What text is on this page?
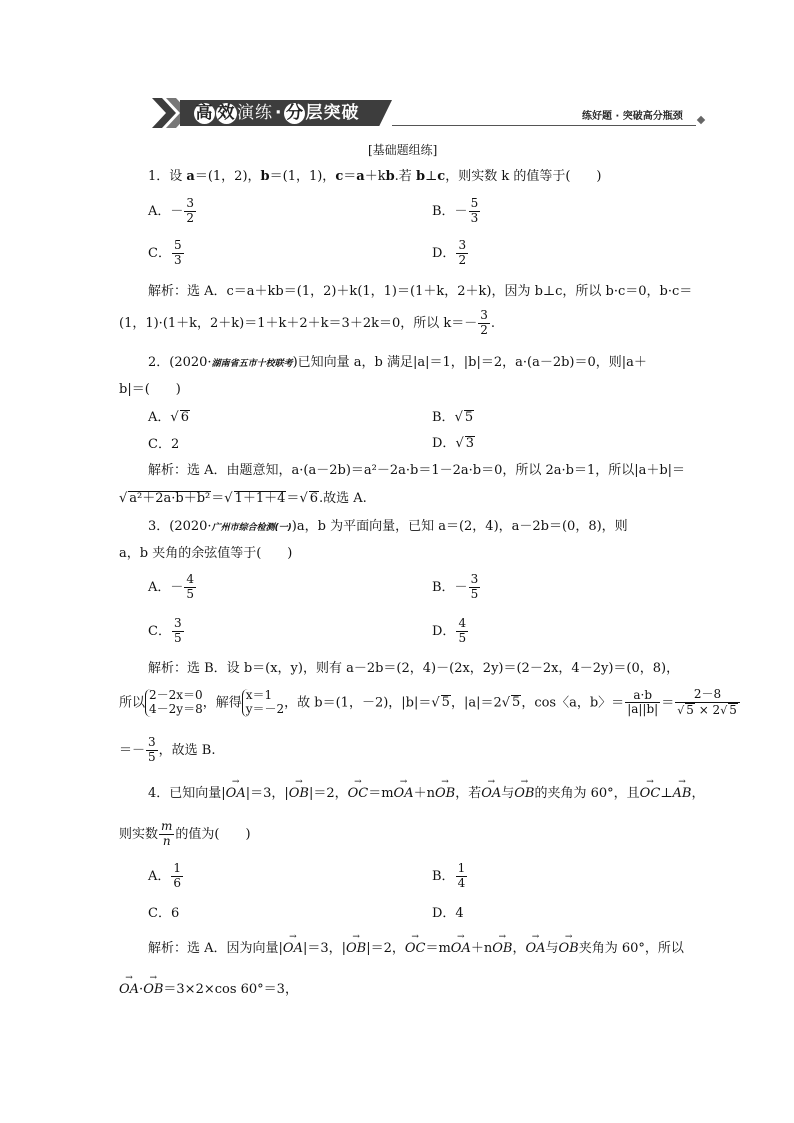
高 效演练 · 分层突破	练好题 · 突破高分瓶颈
[基础题组练]
1．设 a＝(1，2)，b＝(1，1)，c＝a＋kb.若 b⊥c，则实数 k 的值等于(　　)
A．－ $\frac{3}{2}$	B．－ $\frac{5}{3}$
C． $\frac{5}{3}$	D． $\frac{3}{2}$
解析：选 A．c＝a＋kb＝(1，2)＋k(1，1)＝(1＋k，2＋k)，因为 b⊥c，所以 b·c＝0，b·c＝
(1，1)·(1＋k，2＋k)＝1＋k＋2＋k＝3＋2k＝0，所以 $k=- \frac{3}{2}$ .
2．(2020·湖南省五市十校联考)已知向量 a，b 满足|a|＝1，|b|＝2，a·(a－2b)＝0，则|a＋
b|＝(　　)
A．√ 6	B．√ 5
C．2	D．√ 3
解析：选 A．由题意知，a·(a－2b)＝a²－2a·b＝1－2a·b＝0，所以 2a·b＝1，所以|a＋b|＝
√ a²＋2a·b＋b²＝√ 1＋1＋4＝√ 6.故选 A.
3．(2020·广州市综合检测(一))a，b 为平面向量，已知 a＝(2，4)，a－2b＝(0，8)，则
a，b 夹角的余弦值等于(　　)
A．－ $\frac{4}{5}$	B．－ $\frac{3}{5}$
C． $\frac{3}{5}$	D． $\frac{4}{5}$
解析：选 B．设 b＝(x，y)，则有 a－2b＝(2，4)－(2x，2y)＝(2－2x，4－2y)＝(0，8)，
所以
2－2x＝0
4－2y＝8 ，解得
x＝1
y＝－2 ，故 b＝(1，－2)，|b|＝√ 5，|a|＝2√ 5，cos〈a，b〉＝ $\frac{a\cdot b}{|a||b|} = \frac{2-8}{√ 5 \times 2√ 5}$
＝－ $\frac{3}{5}$ ，故选 B.
4．已知向量|→ OA|＝3，|→ OB|＝2，→ OC＝m→ OA＋n→ OB，若→ OA与→ OB的夹角为 60°，且→ OC⊥→ AB，
则实数 $\frac{m}{n}$ 的值为(　　)
A． $\frac{1}{6}$	B． $\frac{1}{4}$
C．6	D．4
解析：选 A．因为向量|→ OA|＝3，|→ OB|＝2，→ OC＝m→ OA＋n→ OB，→ OA与→ OB夹角为 60°，所以
→ OA·→ OB＝3×2×cos 60°＝3，
